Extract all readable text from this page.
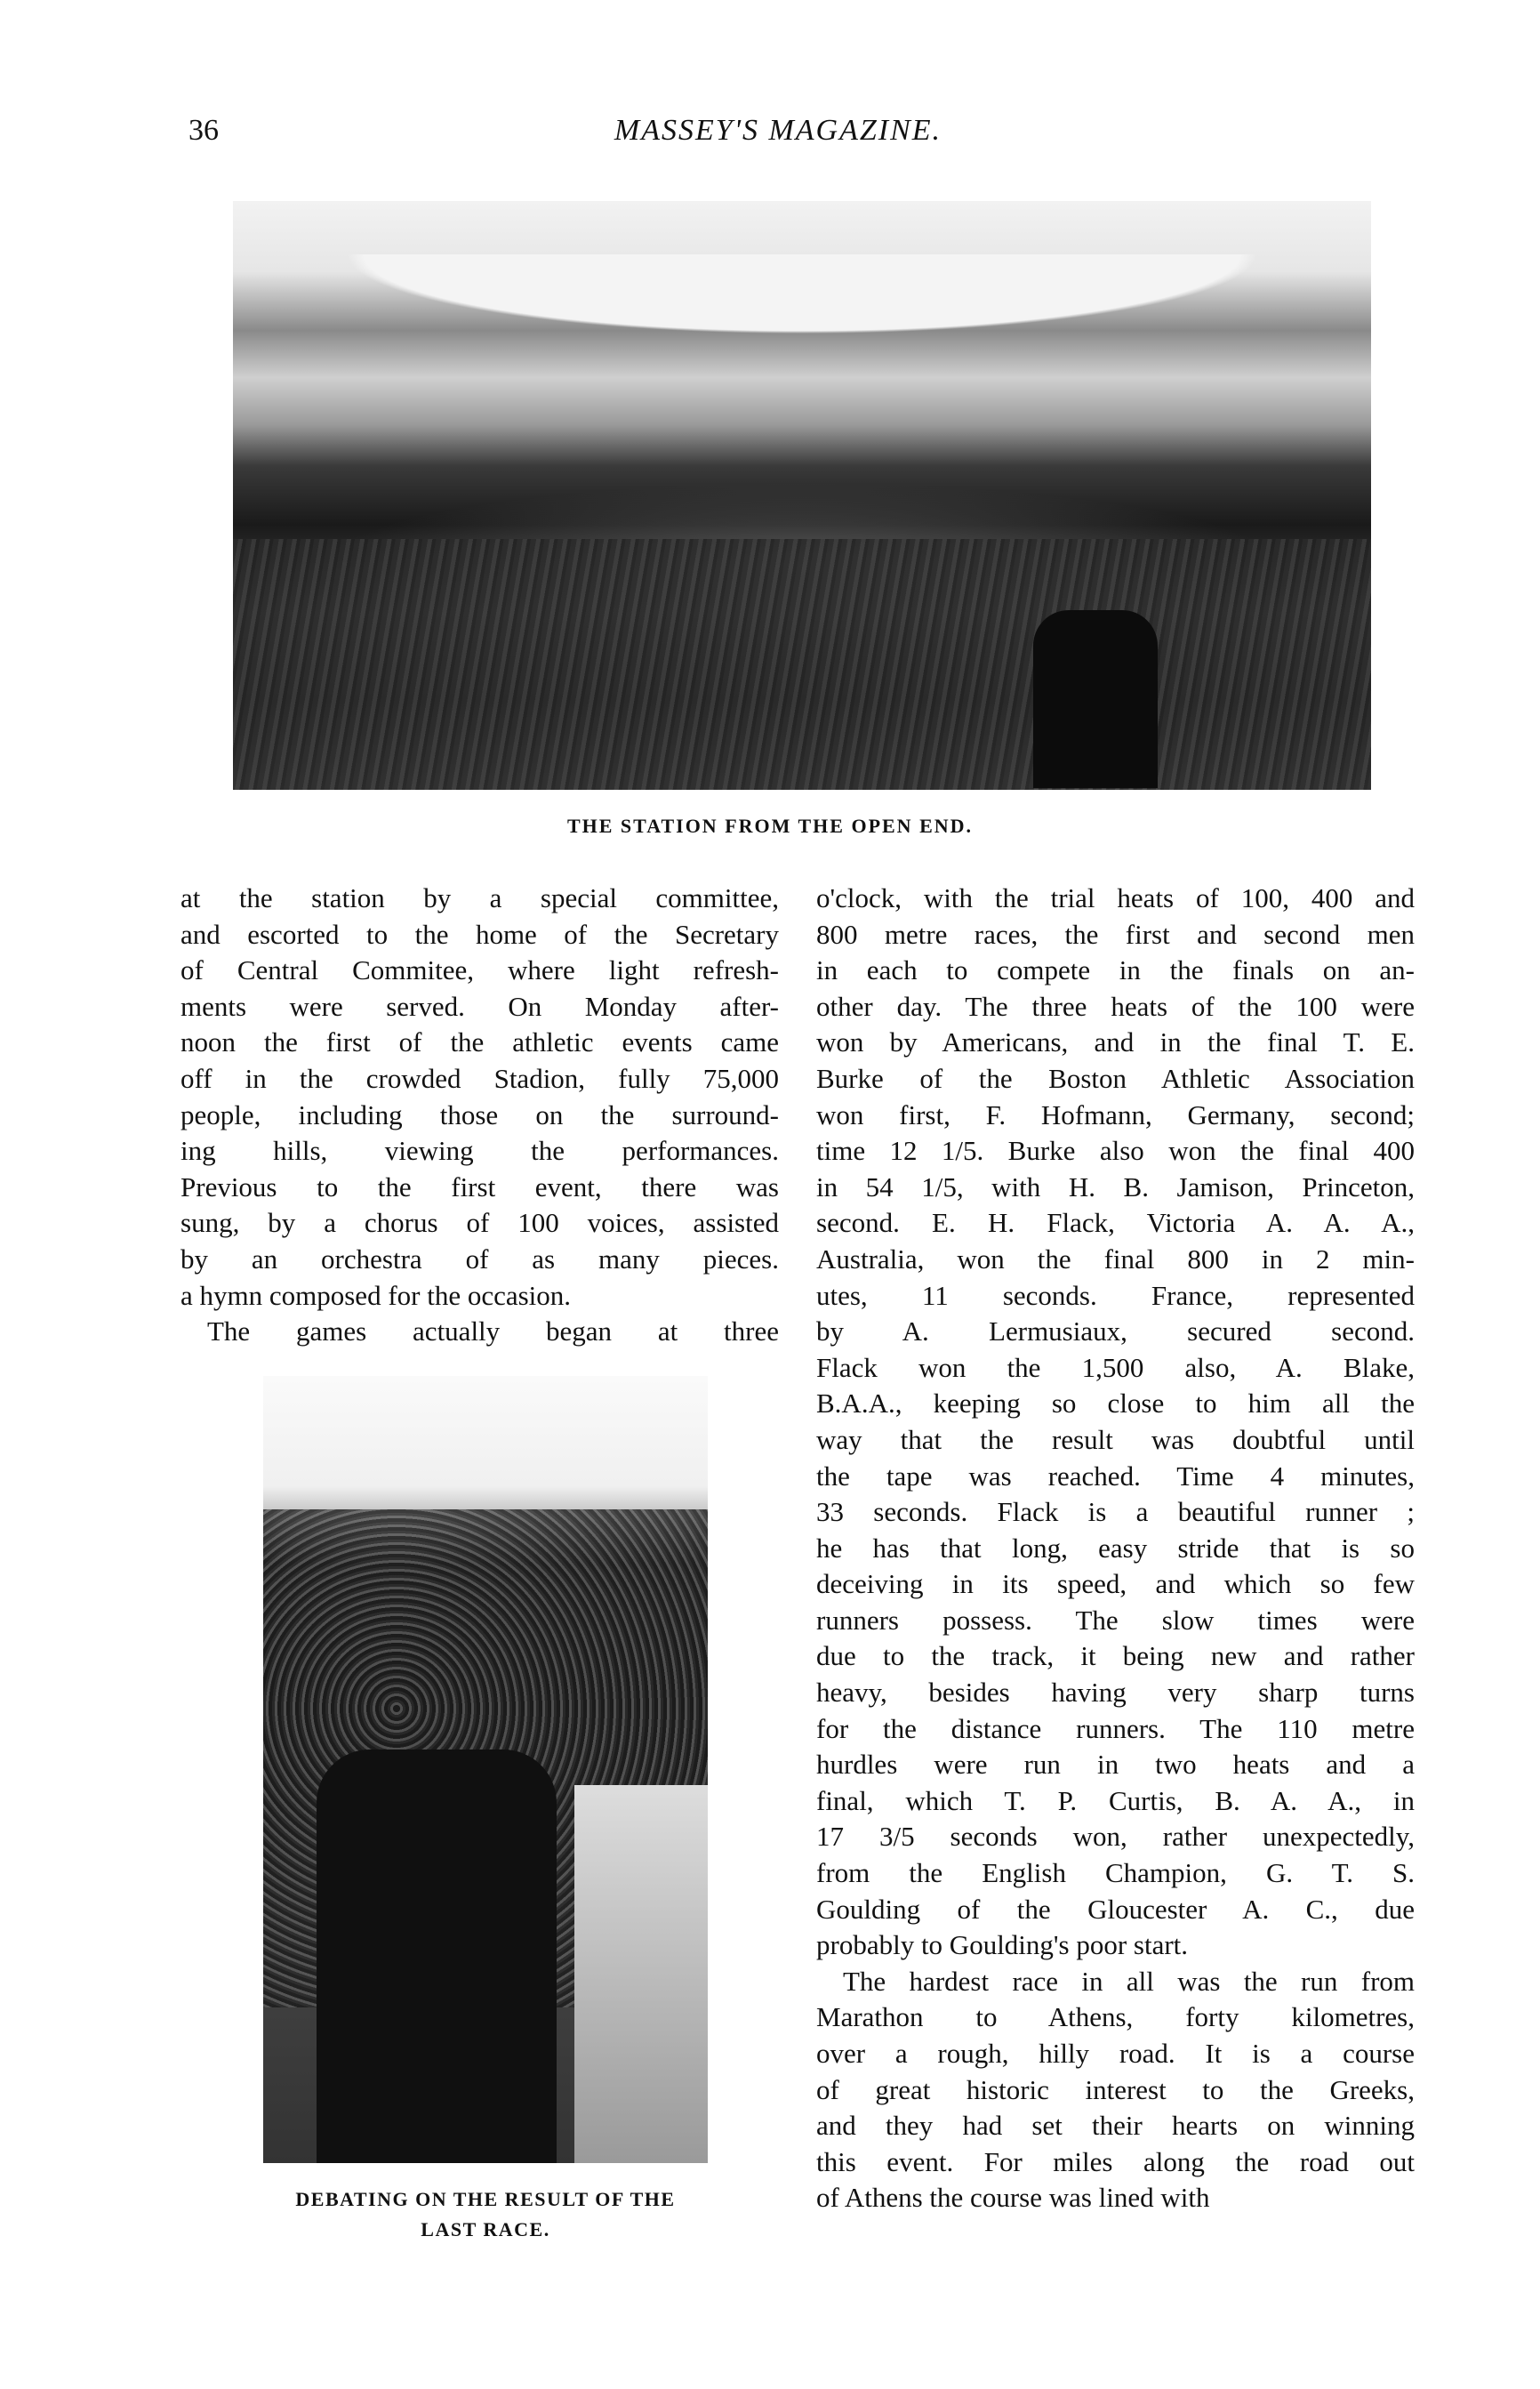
36	MASSEY'S MAGAZINE.
THE STATION FROM THE OPEN END.
at the station by a special committee,
and escorted to the home of the Secretary
of Central Commitee, where light refresh-
ments were served. On Monday after-
noon the first of the athletic events came
off in the crowded Stadion, fully 75,000
people, including those on the surround-
ing hills, viewing the performances.
Previous to the first event, there was
sung, by a chorus of 100 voices, assisted
by an orchestra of as many pieces.
a hymn composed for the occasion.
The games actually began at three
DEBATING ON THE RESULT OF THE
LAST RACE.
o'clock, with the trial heats of 100, 400 and
800 metre races, the first and second men
in each to compete in the finals on an-
other day. The three heats of the 100 were
won by Americans, and in the final T. E.
Burke of the Boston Athletic Association
won first, F. Hofmann, Germany, second;
time 12 1/5. Burke also won the final 400
in 54 1/5, with H. B. Jamison, Princeton,
second. E. H. Flack, Victoria A. A. A.,
Australia, won the final 800 in 2 min-
utes, 11 seconds. France, represented
by A. Lermusiaux, secured second.
Flack won the 1,500 also, A. Blake,
B.A.A., keeping so close to him all the
way that the result was doubtful until
the tape was reached. Time 4 minutes,
33 seconds. Flack is a beautiful runner ;
he has that long, easy stride that is so
deceiving in its speed, and which so few
runners possess. The slow times were
due to the track, it being new and rather
heavy, besides having very sharp turns
for the distance runners. The 110 metre
hurdles were run in two heats and a
final, which T. P. Curtis, B. A. A., in
17 3/5 seconds won, rather unexpectedly,
from the English Champion, G. T. S.
Goulding of the Gloucester A. C., due
probably to Goulding's poor start.
The hardest race in all was the run from
Marathon to Athens, forty kilometres,
over a rough, hilly road. It is a course
of great historic interest to the Greeks,
and they had set their hearts on winning
this event. For miles along the road out
of Athens the course was lined with
